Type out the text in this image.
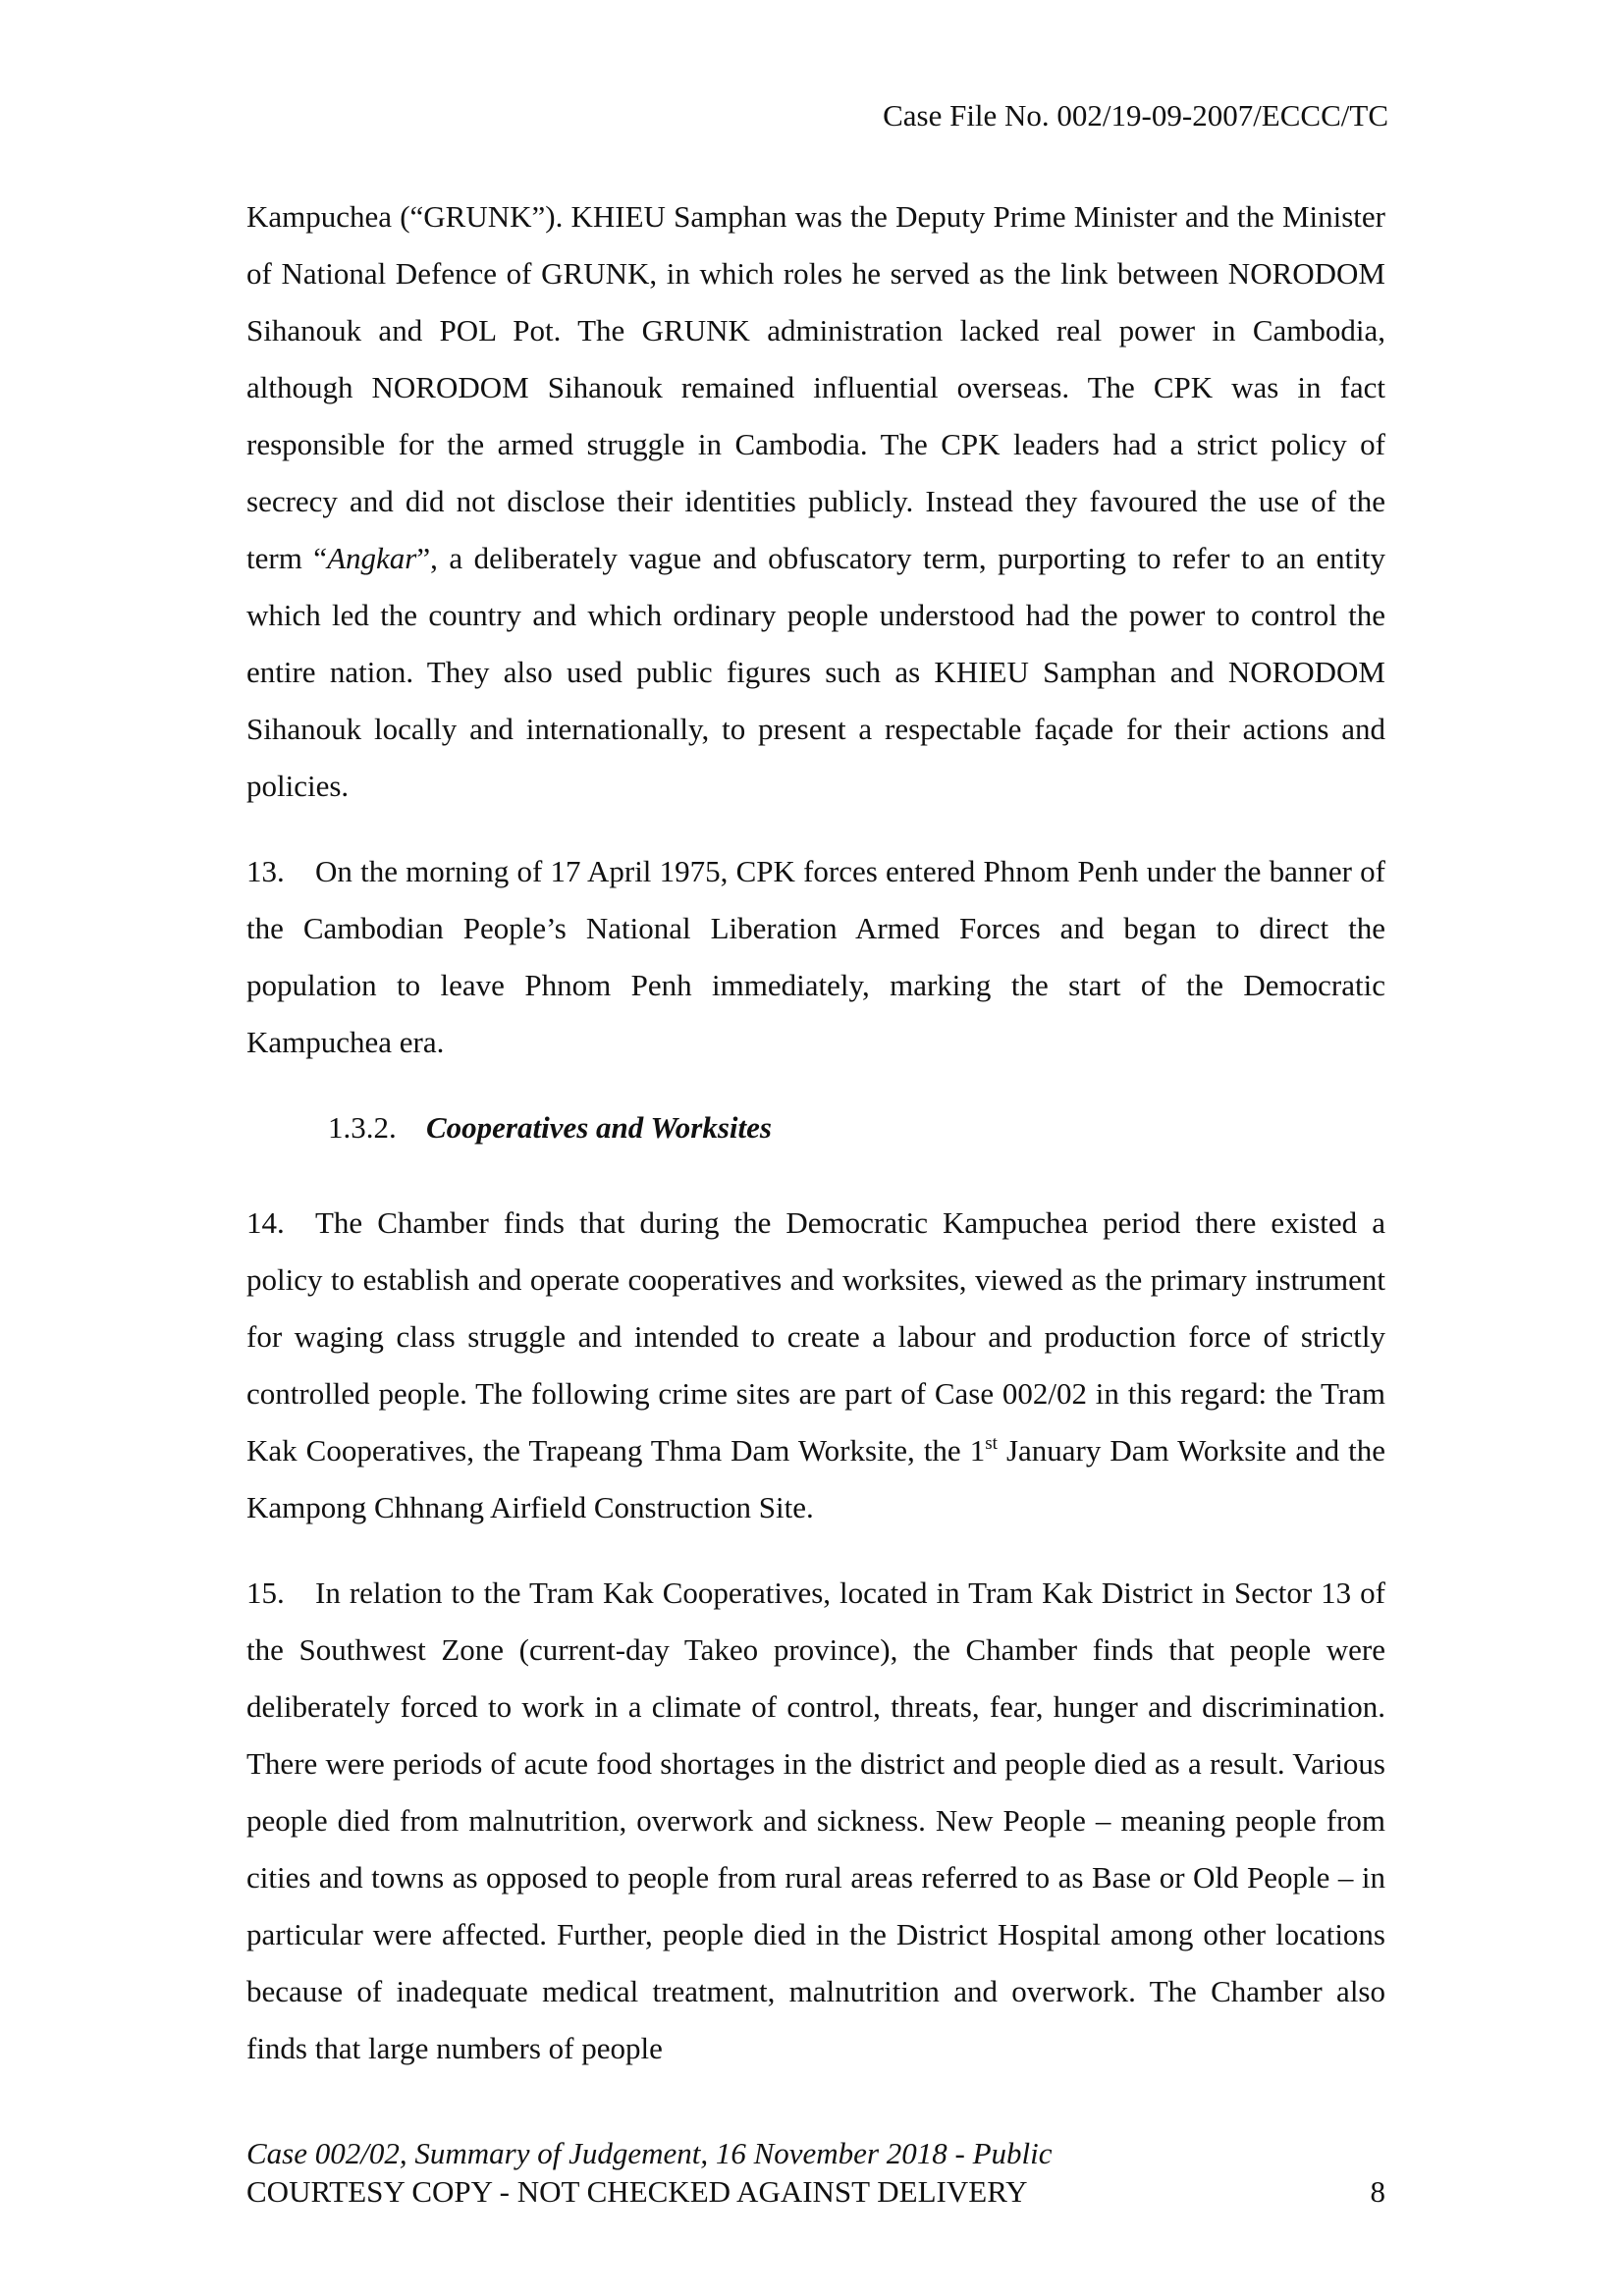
Case File No. 002/19-09-2007/ECCC/TC

Kampuchea (“GRUNK”). KHIEU Samphan was the Deputy Prime Minister and the Minister of National Defence of GRUNK, in which roles he served as the link between NORODOM Sihanouk and POL Pot. The GRUNK administration lacked real power in Cambodia, although NORODOM Sihanouk remained influential overseas. The CPK was in fact responsible for the armed struggle in Cambodia. The CPK leaders had a strict policy of secrecy and did not disclose their identities publicly. Instead they favoured the use of the term “Angkar”, a deliberately vague and obfuscatory term, purporting to refer to an entity which led the country and which ordinary people understood had the power to control the entire nation. They also used public figures such as KHIEU Samphan and NORODOM Sihanouk locally and internationally, to present a respectable façade for their actions and policies.

13. On the morning of 17 April 1975, CPK forces entered Phnom Penh under the banner of the Cambodian People’s National Liberation Armed Forces and began to direct the population to leave Phnom Penh immediately, marking the start of the Democratic Kampuchea era.

1.3.2. Cooperatives and Worksites

14. The Chamber finds that during the Democratic Kampuchea period there existed a policy to establish and operate cooperatives and worksites, viewed as the primary instrument for waging class struggle and intended to create a labour and production force of strictly controlled people. The following crime sites are part of Case 002/02 in this regard: the Tram Kak Cooperatives, the Trapeang Thma Dam Worksite, the 1st January Dam Worksite and the Kampong Chhnang Airfield Construction Site.

15. In relation to the Tram Kak Cooperatives, located in Tram Kak District in Sector 13 of the Southwest Zone (current-day Takeo province), the Chamber finds that people were deliberately forced to work in a climate of control, threats, fear, hunger and discrimination. There were periods of acute food shortages in the district and people died as a result. Various people died from malnutrition, overwork and sickness. New People – meaning people from cities and towns as opposed to people from rural areas referred to as Base or Old People – in particular were affected. Further, people died in the District Hospital among other locations because of inadequate medical treatment, malnutrition and overwork. The Chamber also finds that large numbers of people

Case 002/02, Summary of Judgement, 16 November 2018 - Public
COURTESY COPY - NOT CHECKED AGAINST DELIVERY	8
